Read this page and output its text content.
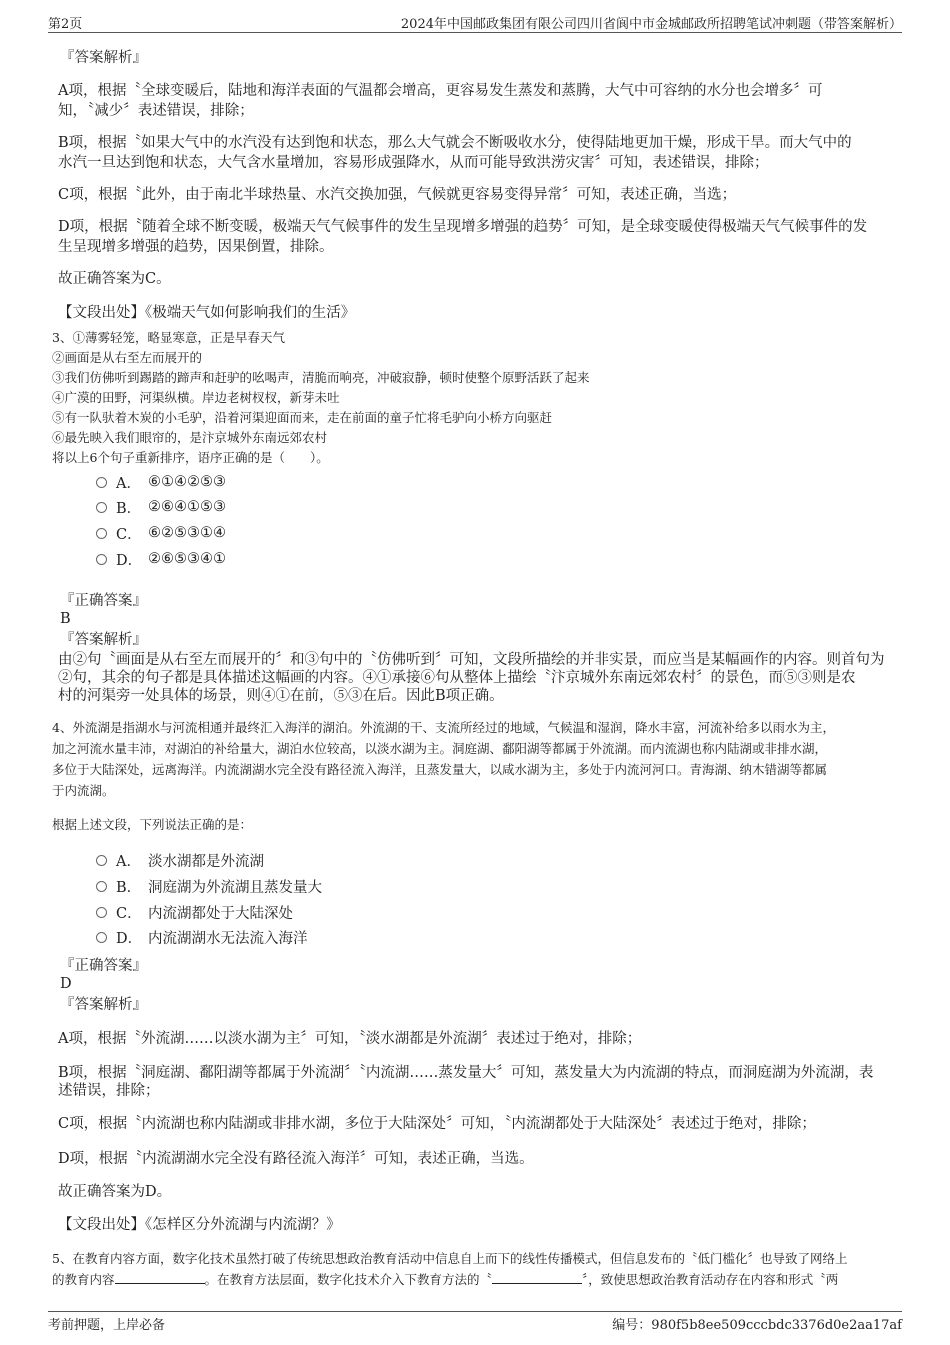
第2页	2024年中国邮政集团有限公司四川省阆中市金城邮政所招聘笔试冲刺题（带答案解析）
『答案解析』
A项，根据〝全球变暖后，陆地和海洋表面的气温都会增高，更容易发生蒸发和蒸腾，大气中可容纳的水分也会增多〞可
知，〝减少〞表述错误，排除；
B项，根据〝如果大气中的水汽没有达到饱和状态，那么大气就会不断吸收水分，使得陆地更加干燥，形成干旱。而大气中的
水汽一旦达到饱和状态，大气含水量增加，容易形成强降水，从而可能导致洪涝灾害〞可知，表述错误，排除；
C项，根据〝此外，由于南北半球热量、水汽交换加强，气候就更容易变得异常〞可知，表述正确，当选；
D项，根据〝随着全球不断变暖，极端天气气候事件的发生呈现增多增强的趋势〞可知，是全球变暖使得极端天气气候事件的发
生呈现增多增强的趋势，因果倒置，排除。
故正确答案为C。
【文段出处】《极端天气如何影响我们的生活》
3、①薄雾轻笼，略显寒意，正是早春天气
②画面是从右至左而展开的
③我们仿佛听到踢踏的蹄声和赶驴的吆喝声，清脆而响亮，冲破寂静，顿时使整个原野活跃了起来
④广漠的田野，河渠纵横。岸边老树杈杈，新芽未吐
⑤有一队驮着木炭的小毛驴，沿着河渠迎面而来，走在前面的童子忙将毛驴向小桥方向驱赶
⑥最先映入我们眼帘的，是汴京城外东南远郊农村
将以上6个句子重新排序，语序正确的是（　　）。
A． ⑥①④②⑤③
B． ②⑥④①⑤③
C． ⑥②⑤③①④
D． ②⑥⑤③④①
『正确答案』
B
『答案解析』
由②句〝画面是从右至左而展开的〞和③句中的〝仿佛听到〞可知，文段所描绘的并非实景，而应当是某幅画作的内容。则首句为
②句，其余的句子都是具体描述这幅画的内容。④①承接⑥句从整体上描绘〝汴京城外东南远郊农村〞的景色，而⑤③则是农
村的河渠旁一处具体的场景，则④①在前，⑤③在后。因此B项正确。
4、外流湖是指湖水与河流相通并最终汇入海洋的湖泊。外流湖的干、支流所经过的地域，气候温和湿润，降水丰富，河流补给多以雨水为主，
加之河流水量丰沛，对湖泊的补给量大，湖泊水位较高，以淡水湖为主。洞庭湖、鄱阳湖等都属于外流湖。而内流湖也称内陆湖或非排水湖，
多位于大陆深处，远离海洋。内流湖湖水完全没有路径流入海洋，且蒸发量大，以咸水湖为主，多处于内流河河口。青海湖、纳木错湖等都属
于内流湖。
根据上述文段，下列说法正确的是：
A． 淡水湖都是外流湖
B． 洞庭湖为外流湖且蒸发量大
C． 内流湖都处于大陆深处
D． 内流湖湖水无法流入海洋
『正确答案』
D
『答案解析』
A项，根据〝外流湖……以淡水湖为主〞可知，〝淡水湖都是外流湖〞表述过于绝对，排除；
B项，根据〝洞庭湖、鄱阳湖等都属于外流湖〞〝内流湖……蒸发量大〞可知，蒸发量大为内流湖的特点，而洞庭湖为外流湖，表
述错误，排除；
C项，根据〝内流湖也称内陆湖或非排水湖，多位于大陆深处〞可知，〝内流湖都处于大陆深处〞表述过于绝对，排除；
D项，根据〝内流湖湖水完全没有路径流入海洋〞可知，表述正确，当选。
故正确答案为D。
【文段出处】《怎样区分外流湖与内流湖？》
5、在教育内容方面，数字化技术虽然打破了传统思想政治教育活动中信息自上而下的线性传播模式，但信息发布的〝低门槛化〞也导致了网络上
的教育内容	。在教育方法层面，数字化技术介入下教育方法的〝	〞，致使思想政治教育活动存在内容和形式〝两
考前押题，上岸必备	编号：980f5b8ee509cccbdc3376d0e2aa17af
